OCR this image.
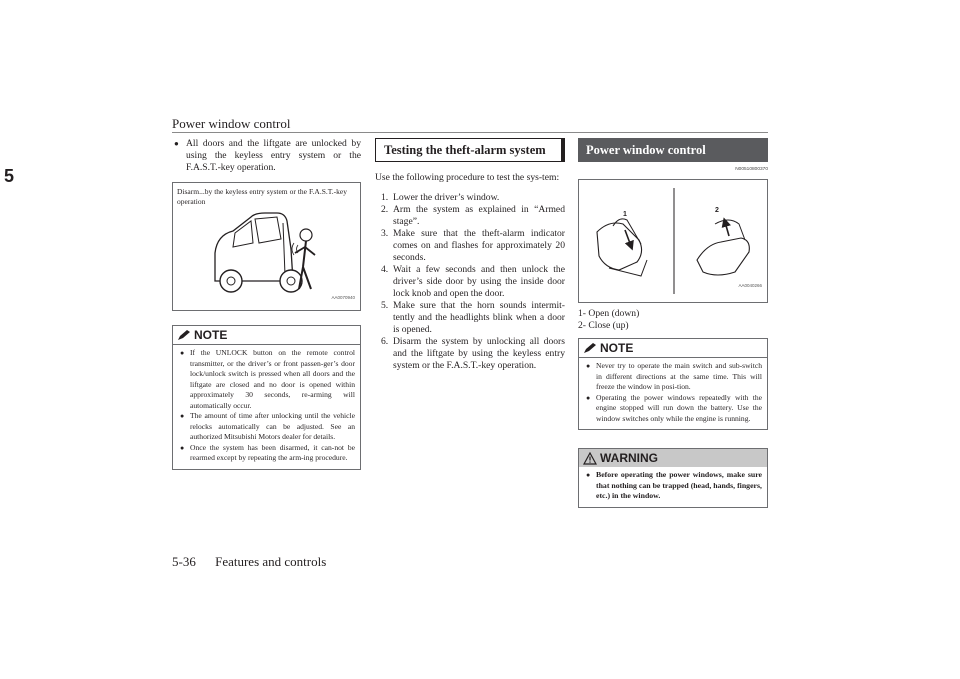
Power window control
5
● All doors and the liftgate are unlocked by using the keyless entry system or the F.A.S.T.-key operation.
Disarm...by the keyless entry system or the F.A.S.T.-key operation
AA0070940
NOTE
● If the UNLOCK button on the remote control transmitter, or the driver’s or front passen-ger’s door lock/unlock switch is pressed when all doors and the liftgate are closed and no door is opened within approximately 30 seconds, re-arming will automatically occur.
● The amount of time after unlocking until the vehicle relocks automatically can be adjusted. See an authorized Mitsubishi Motors dealer for details.
● Once the system has been disarmed, it can-not be rearmed except by repeating the arm-ing procedure.
Testing the theft-alarm system
Use the following procedure to test the sys-tem:
1. Lower the driver’s window.
2. Arm the system as explained in “Armed stage”.
3. Make sure that the theft-alarm indicator comes on and flashes for approximately 20 seconds.
4. Wait a few seconds and then unlock the driver’s side door by using the inside door lock knob and open the door.
5. Make sure that the horn sounds intermit-tently and the headlights blink when a door is opened.
6. Disarm the system by unlocking all doors and the liftgate by using the keyless entry system or the F.A.S.T.-key operation.
Power window control
N00510800370
1
2
AA0040266
1- Open (down)
2- Close (up)
NOTE
● Never try to operate the main switch and sub-switch in different directions at the same time. This will freeze the window in posi-tion.
● Operating the power windows repeatedly with the engine stopped will run down the battery. Use the window switches only while the engine is running.
WARNING
● Before operating the power windows, make sure that nothing can be trapped (head, hands, fingers, etc.) in the window.
5-36 Features and controls
